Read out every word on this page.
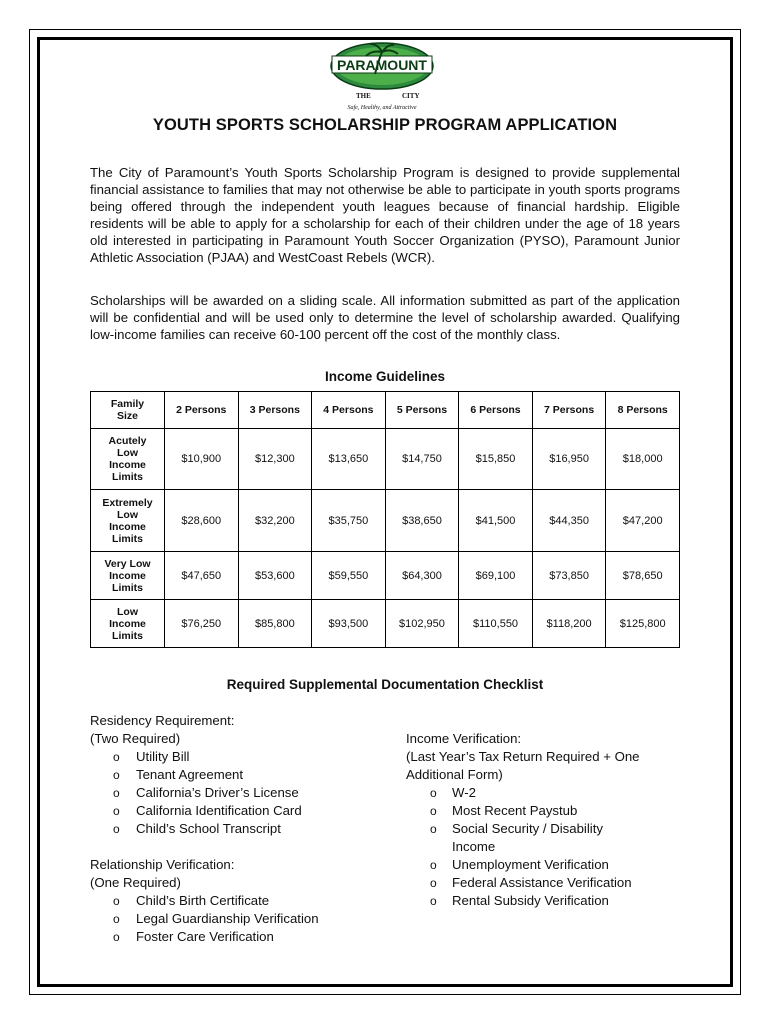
PARAMOUNT
THE	CITY
Safe, Healthy, and Attractive
YOUTH SPORTS SCHOLARSHIP PROGRAM APPLICATION
The City of Paramount’s Youth Sports Scholarship Program is designed to provide supplemental financial assistance to families that may not otherwise be able to participate in youth sports programs being offered through the independent youth leagues because of financial hardship. Eligible residents will be able to apply for a scholarship for each of their children under the age of 18 years old interested in participating in Paramount Youth Soccer Organization (PYSO), Paramount Junior Athletic Association (PJAA) and WestCoast Rebels (WCR).
Scholarships will be awarded on a sliding scale. All information submitted as part of the application will be confidential and will be used only to determine the level of scholarship awarded. Qualifying low-income families can receive 60-100 percent off the cost of the monthly class.
Income Guidelines
Family Size	2 Persons	3 Persons	4 Persons	5 Persons	6 Persons	7 Persons	8 Persons

Acutely
Low
Income
Limits	$10,900	$12,300	$13,650	$14,750	$15,850	$16,950	$18,000

Extremely
Low
Income
Limits	$28,600	$32,200	$35,750	$38,650	$41,500	$44,350	$47,200

Very Low
Income
Limits	$47,650	$53,600	$59,550	$64,300	$69,100	$73,850	$78,650

Low
Income
Limits	$76,250	$85,800	$93,500	$102,950	$110,550	$118,200	$125,800
Required Supplemental Documentation Checklist
Residency Requirement:
(Two Required)
o Utility Bill
o Tenant Agreement
o California’s Driver’s License
o California Identification Card
o Child’s School Transcript
Relationship Verification:
(One Required)
o Child’s Birth Certificate
o Legal Guardianship Verification
o Foster Care Verification
Income Verification:
(Last Year’s Tax Return Required + One
Additional Form)
o W-2
o Most Recent Paystub
o Social Security / Disability Income
o Unemployment Verification
o Federal Assistance Verification
o Rental Subsidy Verification
